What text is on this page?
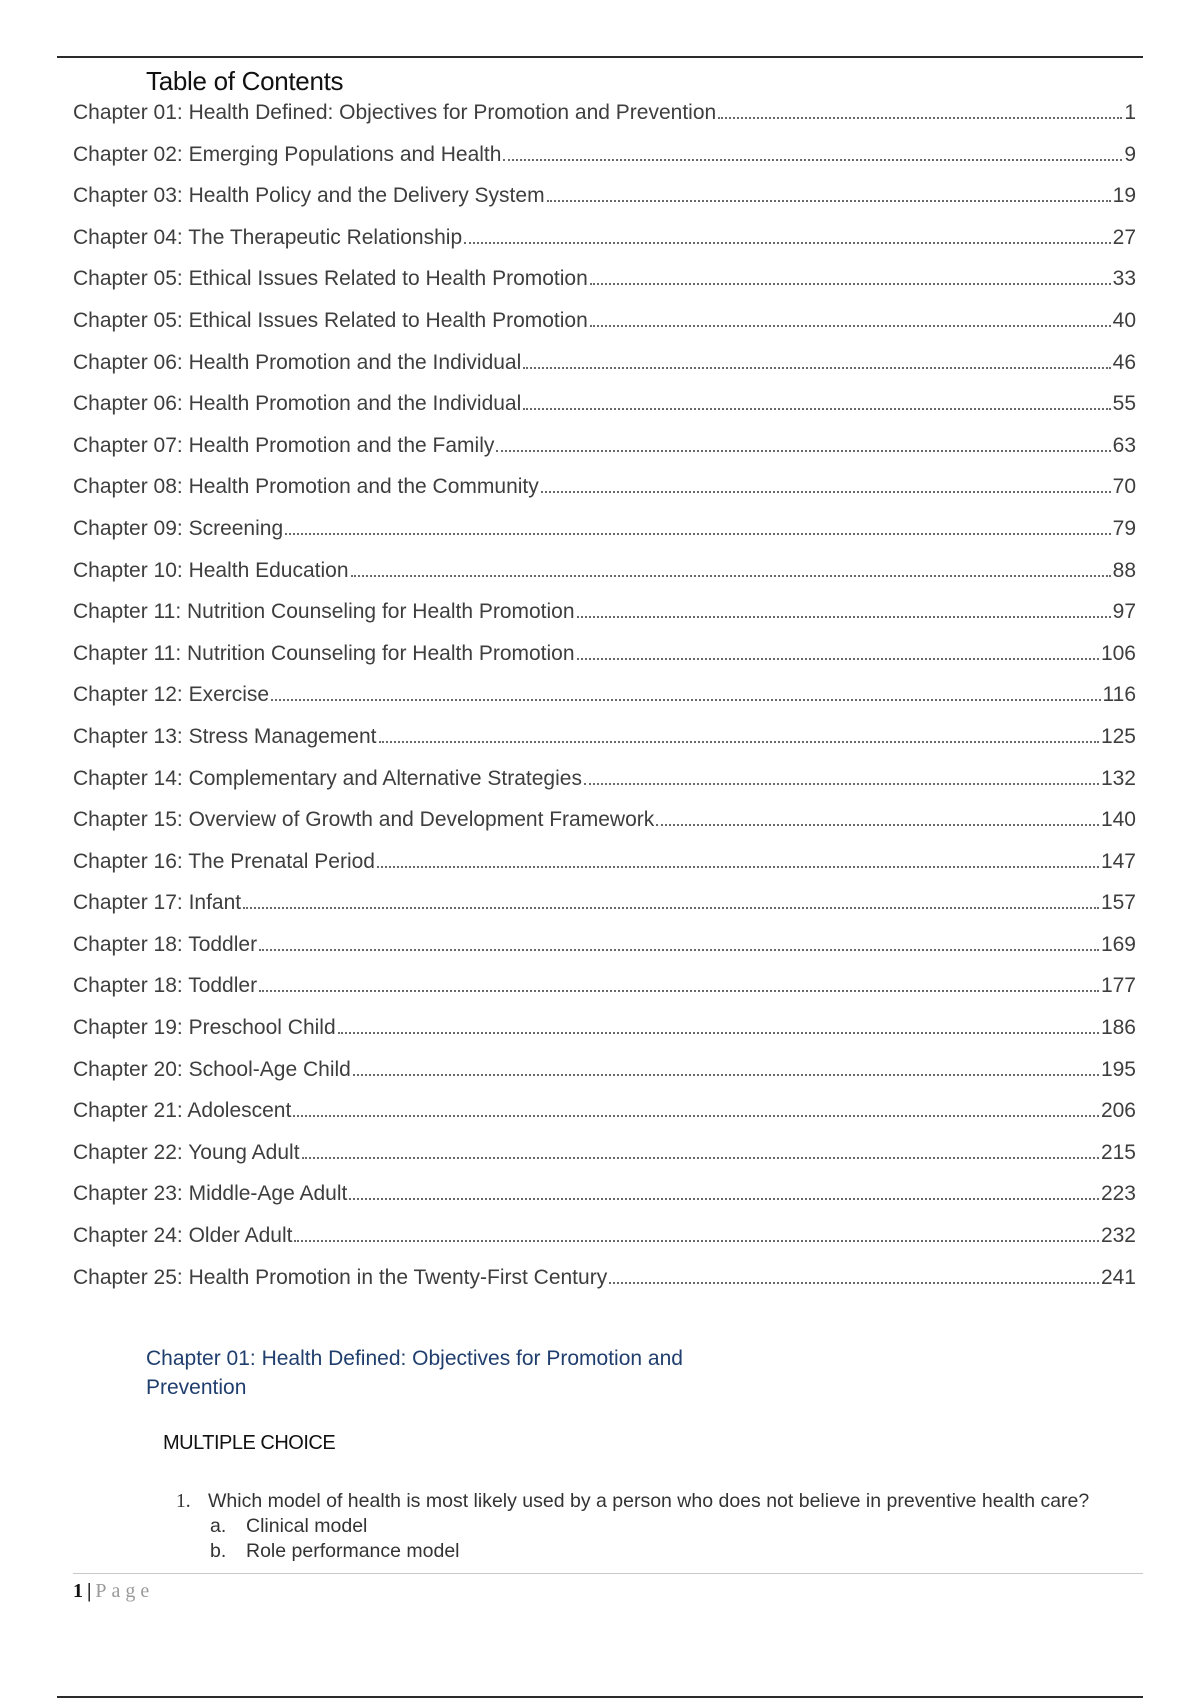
Table of Contents
Chapter 01: Health Defined: Objectives for Promotion and Prevention	1
Chapter 02: Emerging Populations and Health	9
Chapter 03: Health Policy and the Delivery System	19
Chapter 04: The Therapeutic Relationship	27
Chapter 05: Ethical Issues Related to Health Promotion	33
Chapter 05: Ethical Issues Related to Health Promotion	40
Chapter 06: Health Promotion and the Individual	46
Chapter 06: Health Promotion and the Individual	55
Chapter 07: Health Promotion and the Family	63
Chapter 08: Health Promotion and the Community	70
Chapter 09: Screening	79
Chapter 10: Health Education	88
Chapter 11: Nutrition Counseling for Health Promotion	97
Chapter 11: Nutrition Counseling for Health Promotion	106
Chapter 12: Exercise	116
Chapter 13: Stress Management	125
Chapter 14: Complementary and Alternative Strategies	132
Chapter 15: Overview of Growth and Development Framework	140
Chapter 16: The Prenatal Period	147
Chapter 17: Infant	157
Chapter 18: Toddler	169
Chapter 18: Toddler	177
Chapter 19: Preschool Child	186
Chapter 20: School-Age Child	195
Chapter 21: Adolescent	206
Chapter 22: Young Adult	215
Chapter 23: Middle-Age Adult	223
Chapter 24: Older Adult	232
Chapter 25: Health Promotion in the Twenty-First Century	241
Chapter 01: Health Defined: Objectives for Promotion and Prevention
MULTIPLE CHOICE
1. Which model of health is most likely used by a person who does not believe in preventive health care?
a.	Clinical model
b.	Role performance model
1 | Page
